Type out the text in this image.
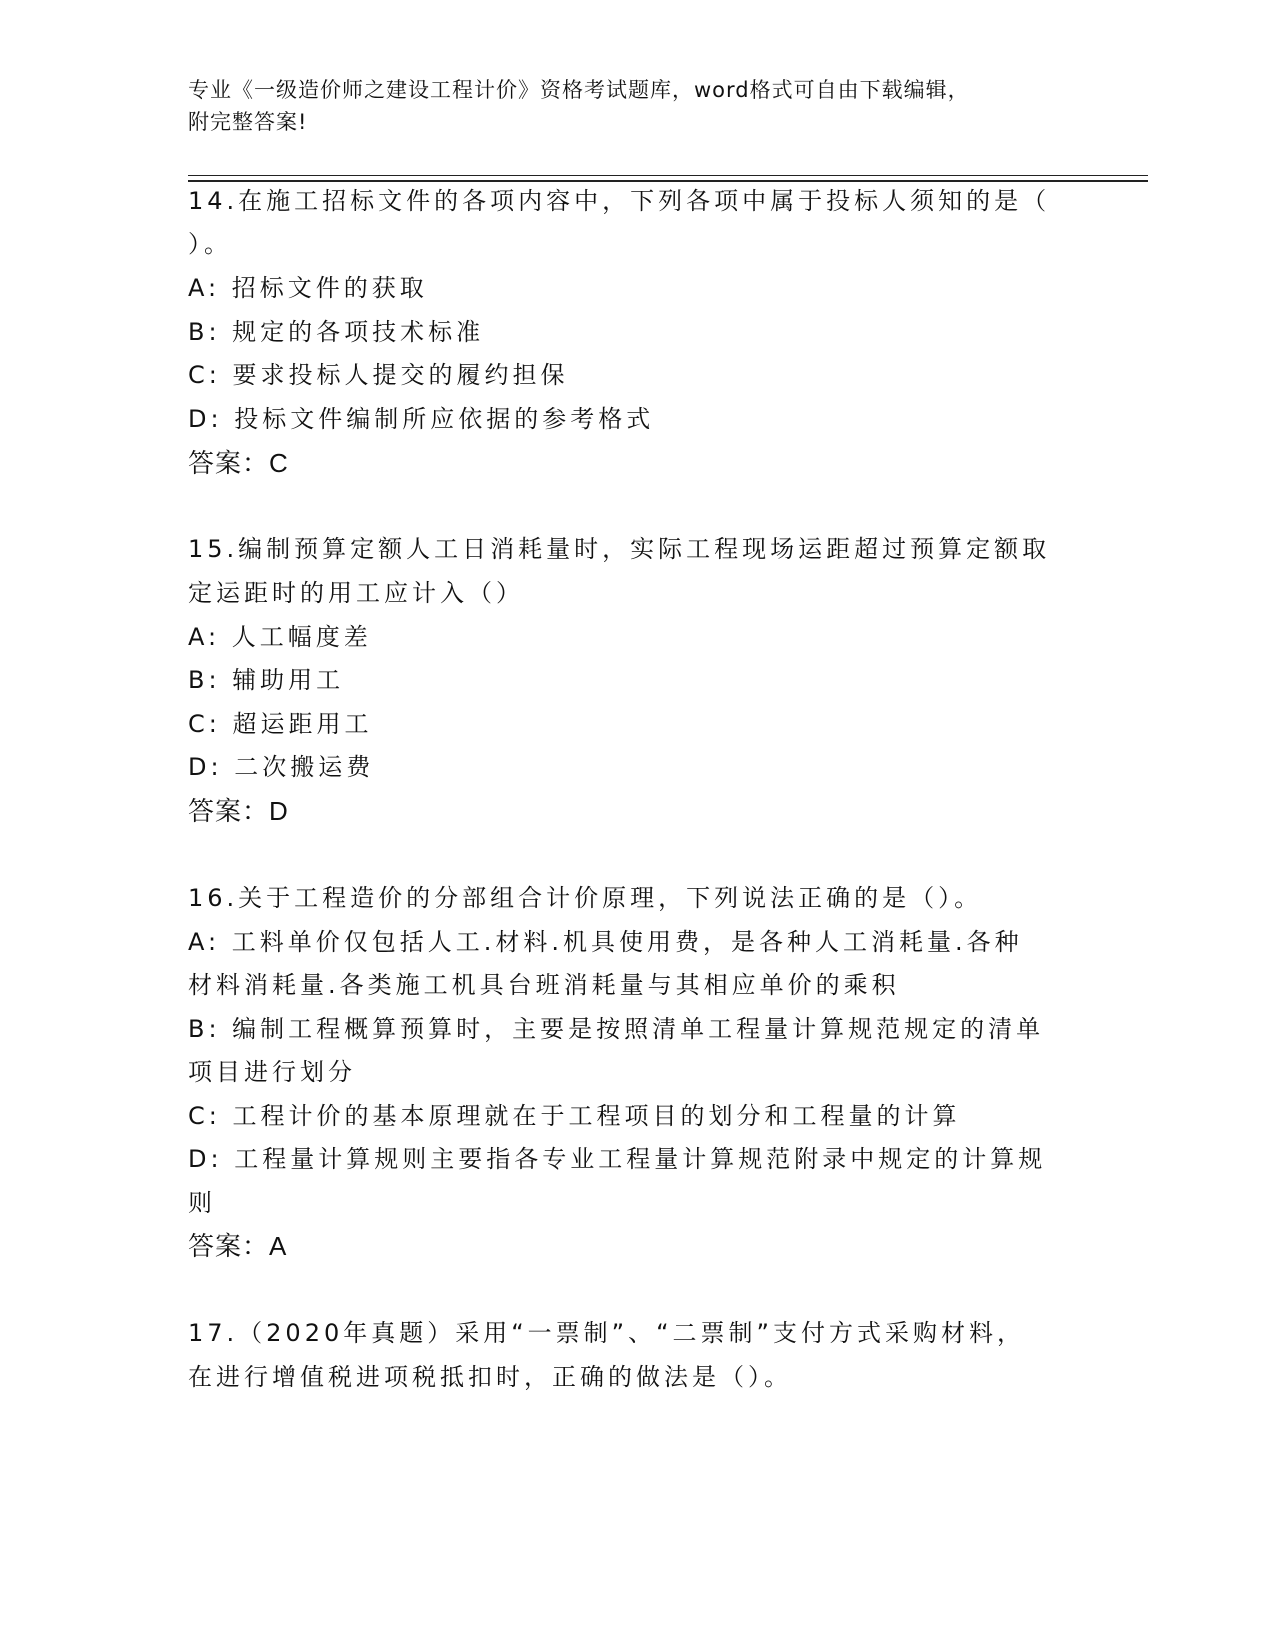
专业《一级造价师之建设工程计价》资格考试题库，word格式可自由下载编辑，
附完整答案!
14.在施工招标文件的各项内容中，下列各项中属于投标人须知的是（
）。
A: 招标文件的获取
B: 规定的各项技术标准
C: 要求投标人提交的履约担保
D: 投标文件编制所应依据的参考格式
答案：C
15.编制预算定额人工日消耗量时，实际工程现场运距超过预算定额取
定运距时的用工应计入（）
A: 人工幅度差
B: 辅助用工
C: 超运距用工
D: 二次搬运费
答案：D
16.关于工程造价的分部组合计价原理，下列说法正确的是（）。
A: 工料单价仅包括人工.材料.机具使用费，是各种人工消耗量.各种
材料消耗量.各类施工机具台班消耗量与其相应单价的乘积
B: 编制工程概算预算时，主要是按照清单工程量计算规范规定的清单
项目进行划分
C: 工程计价的基本原理就在于工程项目的划分和工程量的计算
D: 工程量计算规则主要指各专业工程量计算规范附录中规定的计算规
则
答案：A
17.（2020年真题）采用“一票制”、“二票制”支付方式采购材料，
在进行增值税进项税抵扣时，正确的做法是（）。
